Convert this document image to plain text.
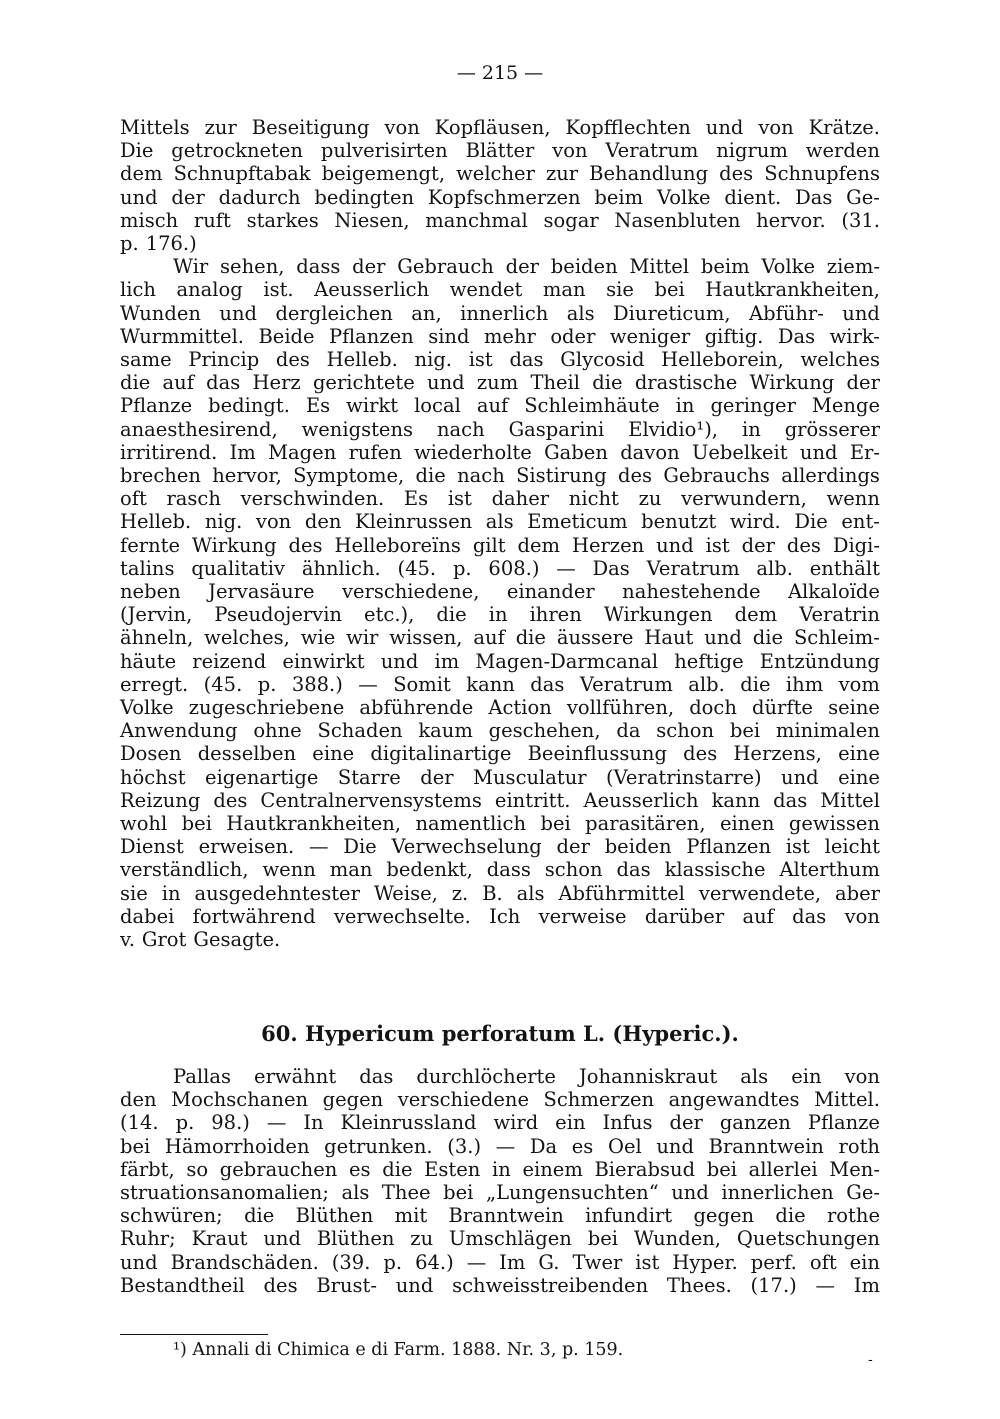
— 215 —
Mittels zur Beseitigung von Kopfläusen, Kopfflechten und von Krätze.
Die getrockneten pulverisirten Blätter von Veratrum nigrum werden
dem Schnupftabak beigemengt, welcher zur Behandlung des Schnupfens
und der dadurch bedingten Kopfschmerzen beim Volke dient. Das Ge-
misch ruft starkes Niesen, manchmal sogar Nasenbluten hervor. (31.
p. 176.)
Wir sehen, dass der Gebrauch der beiden Mittel beim Volke ziem-
lich analog ist. Aeusserlich wendet man sie bei Hautkrankheiten,
Wunden und dergleichen an, innerlich als Diureticum, Abführ- und
Wurmmittel. Beide Pflanzen sind mehr oder weniger giftig. Das wirk-
same Princip des Helleb. nig. ist das Glycosid Helleborein, welches
die auf das Herz gerichtete und zum Theil die drastische Wirkung der
Pflanze bedingt. Es wirkt local auf Schleimhäute in geringer Menge
anaesthesirend, wenigstens nach Gasparini Elvidio¹), in grösserer
irritirend. Im Magen rufen wiederholte Gaben davon Uebelkeit und Er-
brechen hervor, Symptome, die nach Sistirung des Gebrauchs allerdings
oft rasch verschwinden. Es ist daher nicht zu verwundern, wenn
Helleb. nig. von den Kleinrussen als Emeticum benutzt wird. Die ent-
fernte Wirkung des Helleboreïns gilt dem Herzen und ist der des Digi-
talins qualitativ ähnlich. (45. p. 608.) — Das Veratrum alb. enthält
neben Jervasäure verschiedene, einander nahestehende Alkaloïde
(Jervin, Pseudojervin etc.), die in ihren Wirkungen dem Veratrin
ähneln, welches, wie wir wissen, auf die äussere Haut und die Schleim-
häute reizend einwirkt und im Magen-Darmcanal heftige Entzündung
erregt. (45. p. 388.) — Somit kann das Veratrum alb. die ihm vom
Volke zugeschriebene abführende Action vollführen, doch dürfte seine
Anwendung ohne Schaden kaum geschehen, da schon bei minimalen
Dosen desselben eine digitalinartige Beeinflussung des Herzens, eine
höchst eigenartige Starre der Musculatur (Veratrinstarre) und eine
Reizung des Centralnervensystems eintritt. Aeusserlich kann das Mittel
wohl bei Hautkrankheiten, namentlich bei parasitären, einen gewissen
Dienst erweisen. — Die Verwechselung der beiden Pflanzen ist leicht
verständlich, wenn man bedenkt, dass schon das klassische Alterthum
sie in ausgedehntester Weise, z. B. als Abführmittel verwendete, aber
dabei fortwährend verwechselte. Ich verweise darüber auf das von
v. Grot Gesagte.
Pallas erwähnt das durchlöcherte Johanniskraut als ein von
den Mochschanen gegen verschiedene Schmerzen angewandtes Mittel.
(14. p. 98.) — In Kleinrussland wird ein Infus der ganzen Pflanze
bei Hämorrhoiden getrunken. (3.) — Da es Oel und Branntwein roth
färbt, so gebrauchen es die Esten in einem Bierabsud bei allerlei Men-
struationsanomalien; als Thee bei „Lungensuchten“ und innerlichen Ge-
schwüren; die Blüthen mit Branntwein infundirt gegen die rothe
Ruhr; Kraut und Blüthen zu Umschlägen bei Wunden, Quetschungen
und Brandschäden. (39. p. 64.) — Im G. Twer ist Hyper. perf. oft ein
Bestandtheil des Brust- und schweisstreibenden Thees. (17.) — Im
60. Hypericum perforatum L. (Hyperic.).
¹) Annali di Chimica e di Farm. 1888. Nr. 3, p. 159.	-
